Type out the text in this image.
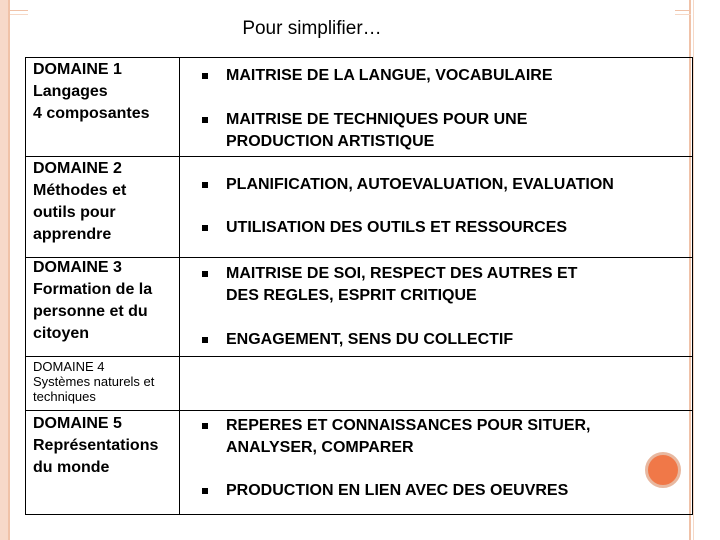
Pour simplifier…
DOMAINE 1
Langages
4 composantes
DOMAINE 2
Méthodes et
outils pour
apprendre
DOMAINE 3
Formation de la
personne et du
citoyen
DOMAINE 4
Systèmes naturels et
techniques
DOMAINE 5
Représentations
du monde
MAITRISE DE LA LANGUE, VOCABULAIRE
MAITRISE DE TECHNIQUES POUR UNE
PRODUCTION ARTISTIQUE
PLANIFICATION, AUTOEVALUATION, EVALUATION
UTILISATION DES OUTILS ET RESSOURCES
MAITRISE DE SOI, RESPECT DES AUTRES ET
DES REGLES, ESPRIT CRITIQUE
ENGAGEMENT, SENS DU COLLECTIF
REPERES ET CONNAISSANCES POUR SITUER,
ANALYSER, COMPARER
PRODUCTION EN LIEN AVEC DES OEUVRES
